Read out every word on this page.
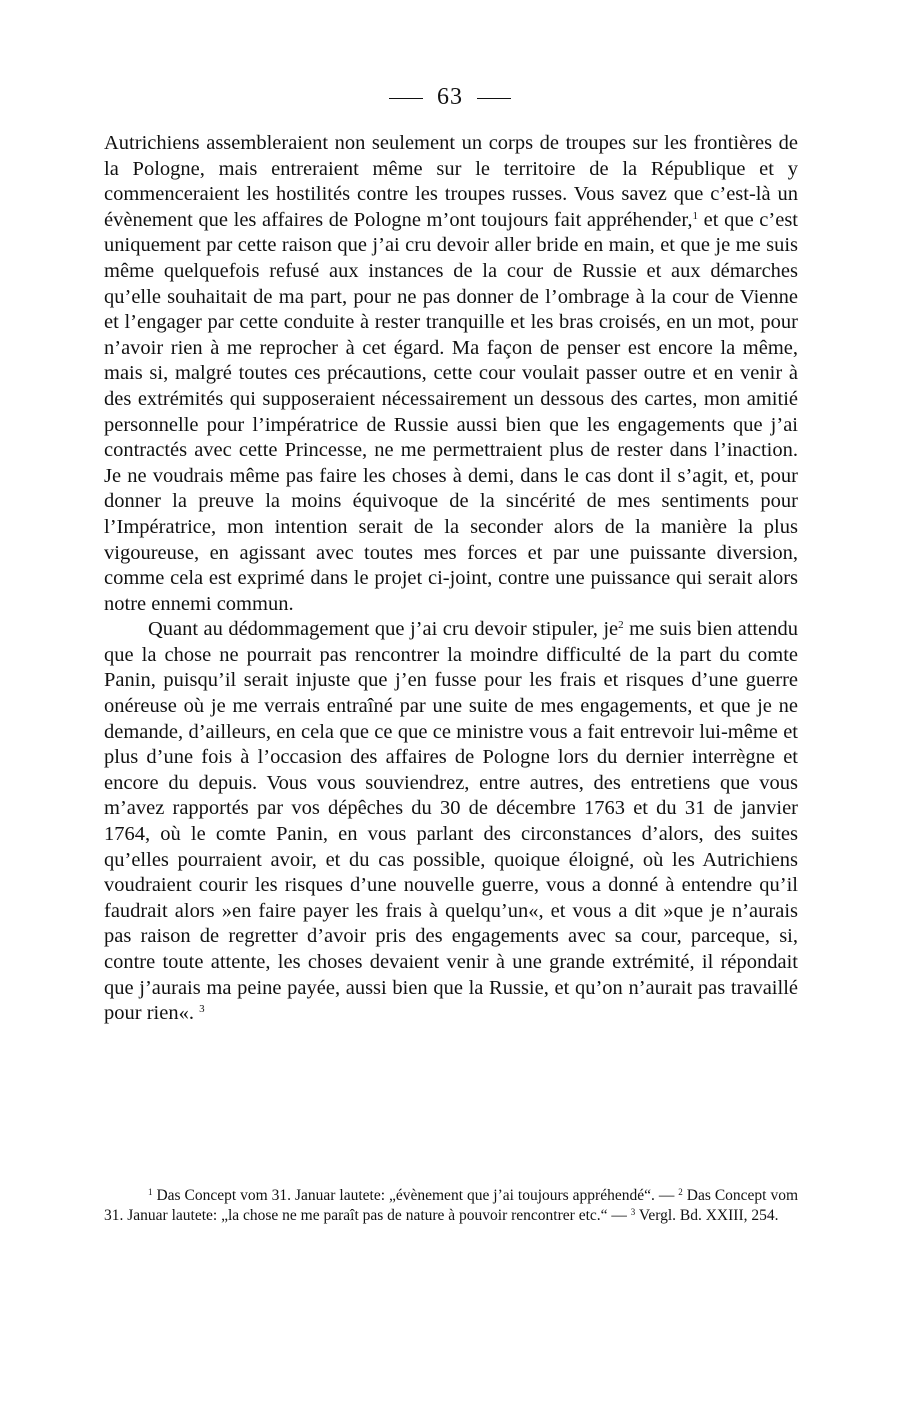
63

Autrichiens assembleraient non seulement un corps de troupes sur les frontières de la Pologne, mais entreraient même sur le territoire de la République et y commenceraient les hostilités contre les troupes russes. Vous savez que c’est-là un évènement que les affaires de Pologne m’ont toujours fait appréhender,$^1$ et que c’est uniquement par cette raison que j’ai cru devoir aller bride en main, et que je me suis même quelquefois refusé aux instances de la cour de Russie et aux démarches qu’elle souhaitait de ma part, pour ne pas donner de l’ombrage à la cour de Vienne et l’engager par cette conduite à rester tranquille et les bras croisés, en un mot, pour n’avoir rien à me reprocher à cet égard. Ma façon de penser est encore la même, mais si, malgré toutes ces précautions, cette cour voulait passer outre et en venir à des extrémités qui supposeraient nécessairement un dessous des cartes, mon amitié personnelle pour l’impératrice de Russie aussi bien que les engagements que j’ai contractés avec cette Princesse, ne me permettraient plus de rester dans l’inaction. Je ne voudrais même pas faire les choses à demi, dans le cas dont il s’agit, et, pour donner la preuve la moins équivoque de la sincérité de mes sentiments pour l’Impératrice, mon intention serait de la seconder alors de la manière la plus vigoureuse, en agissant avec toutes mes forces et par une puissante diversion, comme cela est exprimé dans le projet ci-joint, contre une puissance qui serait alors notre ennemi commun.

Quant au dédommagement que j’ai cru devoir stipuler, $je^2$ me suis bien attendu que la chose ne pourrait pas rencontrer la moindre difficulté de la part du comte Panin, puisqu’il serait injuste que j’en fusse pour les frais et risques d’une guerre onéreuse où je me verrais entraîné par une suite de mes engagements, et que je ne demande, d’ailleurs, en cela que ce que ce ministre vous a fait entrevoir lui-même et plus d’une fois à l’occasion des affaires de Pologne lors du dernier interrègne et encore du depuis. Vous vous souviendrez, entre autres, des entretiens que vous m’avez rapportés par vos dépêches du 30 de décembre 1763 et du 31 de janvier 1764, où le comte Panin, en vous parlant des circonstances d’alors, des suites qu’elles pourraient avoir, et du cas possible, quoique éloigné, où les Autrichiens voudraient courir les risques d’une nouvelle guerre, vous a donné à entendre qu’il faudrait alors »en faire payer les frais à quelqu’un«, et vous a dit »que je n’aurais pas raison de regretter d’avoir pris des engagements avec sa cour, parceque, si, contre toute attente, les choses devaient venir à une grande extrémité, il répondait que j’aurais ma peine payée, aussi bien que la Russie, et qu’on n’aurait pas travaillé pour rien«. $^3$

$^1$ Das Concept vom 31. Januar lautete: „évènement que j’ai toujours appréhendé“. — $^2$ Das Concept vom 31. Januar lautete: „la chose ne me paraît pas de nature à pouvoir rencontrer etc.“ — $^3$ Vergl. Bd. XXIII, 254.
